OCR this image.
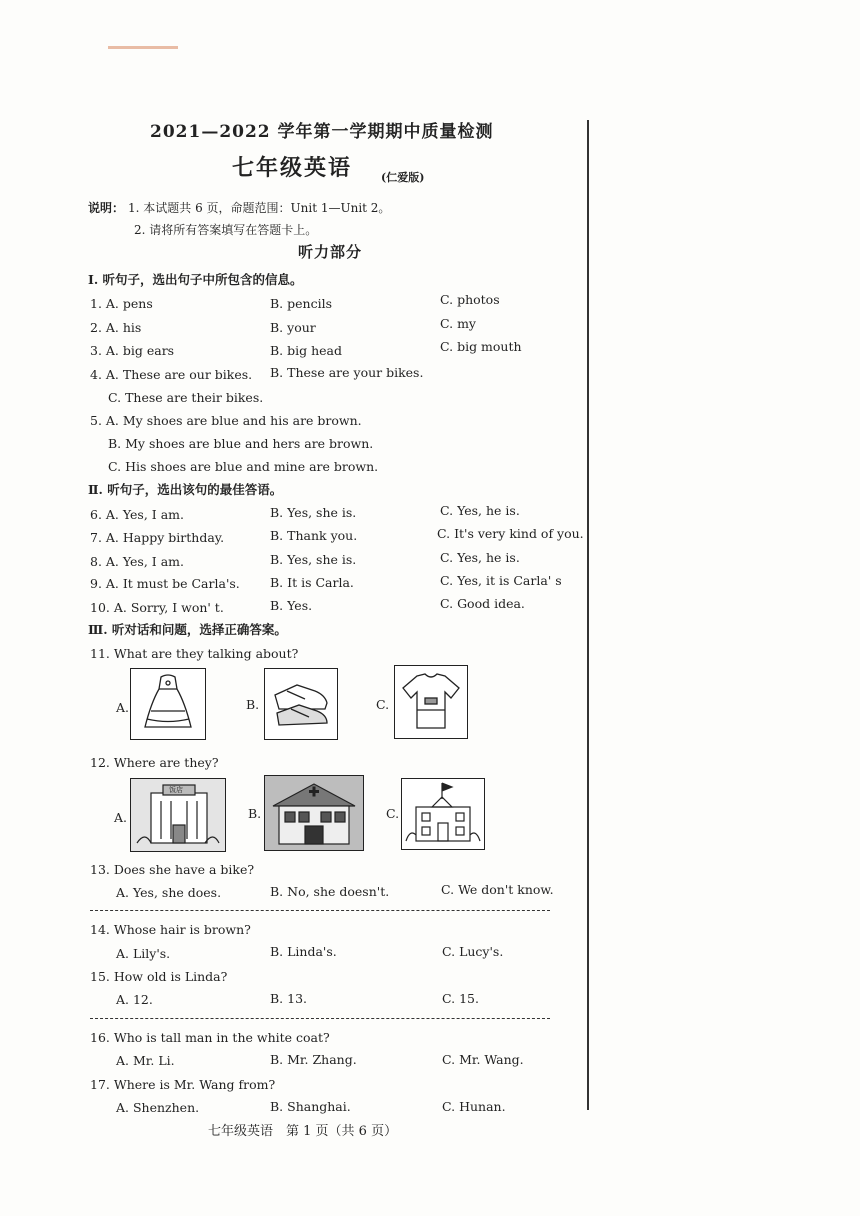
2021—2022 学年第一学期期中质量检测
七年级英语	(仁爱版)
说明： 1. 本试题共 6 页，命题范围：Unit 1—Unit 2。
2. 请将所有答案填写在答题卡上。
听力部分
Ⅰ. 听句子，选出句子中所包含的信息。
1. A. pens	B. pencils	C. photos
2. A. his	B. your	C. my
3. A. big ears	B. big head	C. big mouth
4. A. These are our bikes. B. These are your bikes.
C. These are their bikes.
5. A. My shoes are blue and his are brown.
B. My shoes are blue and hers are brown.
C. His shoes are blue and mine are brown.
Ⅱ. 听句子，选出该句的最佳答语。
6. A. Yes, I am.	B. Yes, she is.	C. Yes, he is.
7. A. Happy birthday.	B. Thank you.	C. It's very kind of you.
8. A. Yes, I am.	B. Yes, she is.	C. Yes, he is.
9. A. It must be Carla's. B. It is Carla.	C. Yes, it is Carla' s
10. A. Sorry, I won' t.	B. Yes.	C. Good idea.
Ⅲ. 听对话和问题，选择正确答案。
11. What are they talking about?
A.	B.	C.
12. Where are they?
A.
饭店
B.	C.
13. Does she have a bike?
A. Yes, she does.	B. No, she doesn't.	C. We don't know.
14. Whose hair is brown?
A. Lily's.	B. Linda's.	C. Lucy's.
15. How old is Linda?
A. 12.	B. 13.	C. 15.
16. Who is tall man in the white coat?
A. Mr. Li.	B. Mr. Zhang.	C. Mr. Wang.
17. Where is Mr. Wang from?
A. Shenzhen.	B. Shanghai.	C. Hunan.
七年级英语　第 1 页（共 6 页）
